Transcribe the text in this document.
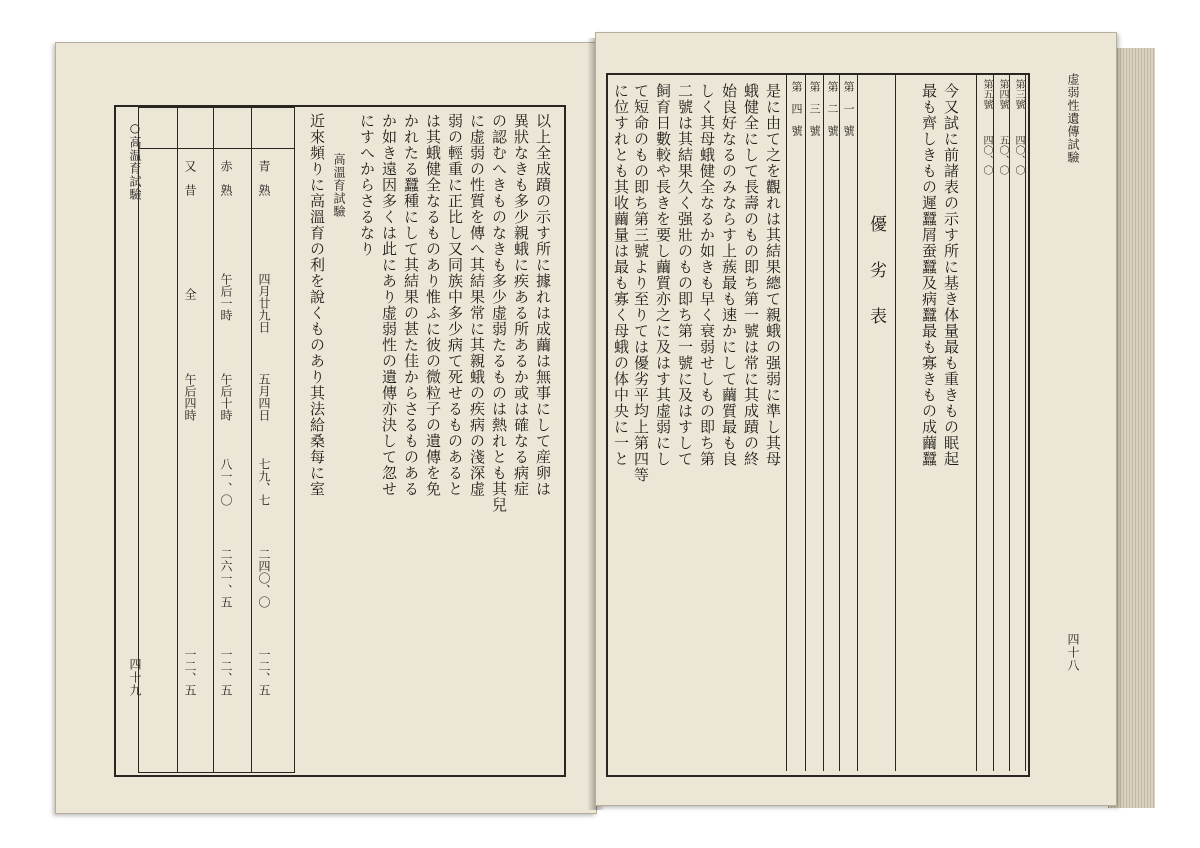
○高温育試驗
四十九
青　熟
赤　熟
又　昔
四月廿九日
午后一時
全
五月四日
午后十時
午后四時
七九、七
八一、〇
二四〇、〇
二六一、五
一二、五
一二、五
一二、五
近來頻りに高溫育の利を說くものあり其法給桑每に室 高溫育試驗 にすへからさるなり か如き遠因多くは此にあり虚弱性の遺傳亦決して忽せ かれたる蠶種にして其結果の甚た佳からさるものある は其蛾健全なるものあり惟ふに彼の微粒子の遺傳を免 弱の輕重に正比し又同族中多少病て死せるものあると に虚弱の性質を傳へ其結果常に其親蛾の疾病の淺深虚 の認むへきものなきも多少虚弱たるものは熱れとも其兒 異狀なきも多少親蛾に疾ある所あるか或は確なる病症 以上全成蹟の示す所に據れは成繭は無事にして産卵は	虚弱性遺傳試驗
四十八
第三號
第四號
第五號
四〇、〇
五〇、〇
四〇、〇
今又試に前諸表の示す所に基き体量最も重きもの眠起
最も齊しきもの遲蠶屑蚕蠶及病蠶最も寡きもの成繭蠶
優　劣　表
第　一　號
第　二　號
第　三　號
第　四　號
是に由て之を觀れは其結果總て親蛾の强弱に準し其母
蛾健全にして長壽のもの即ち第一號は常に其成蹟の終
始良好なるのみならす上蔟最も速かにして繭質最も良
しく其母蛾健全なるか如きも早く衰弱せしもの即ち第
二號は其結果久く强壯のもの即ち第一號に及はすして
飼育日數較や長きを要し繭質亦之に及はす其虚弱にし
て短命のもの即ち第三號より至りては優劣平均上第四等
に位すれとも其收繭量は最も寡く母蛾の体中央に一と
